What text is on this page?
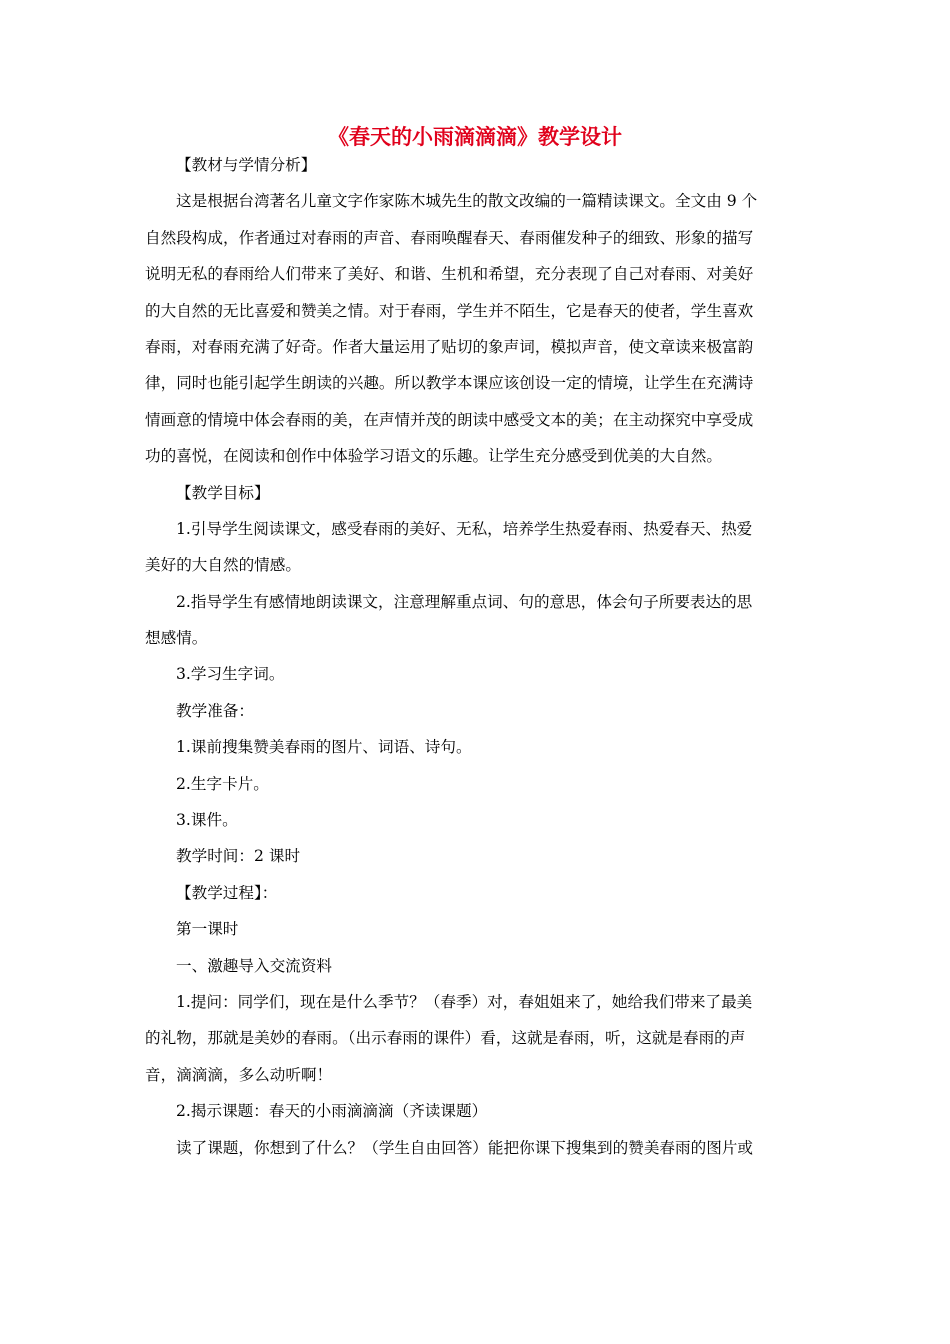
《春天的小雨滴滴滴》教学设计
【教材与学情分析】
这是根据台湾著名儿童文字作家陈木城先生的散文改编的一篇精读课文。全文由 9 个
自然段构成，作者通过对春雨的声音、春雨唤醒春天、春雨催发种子的细致、形象的描写
说明无私的春雨给人们带来了美好、和谐、生机和希望，充分表现了自己对春雨、对美好
的大自然的无比喜爱和赞美之情。对于春雨，学生并不陌生，它是春天的使者，学生喜欢
春雨，对春雨充满了好奇。作者大量运用了贴切的象声词，模拟声音，使文章读来极富韵
律，同时也能引起学生朗读的兴趣。所以教学本课应该创设一定的情境，让学生在充满诗
情画意的情境中体会春雨的美，在声情并茂的朗读中感受文本的美；在主动探究中享受成
功的喜悦，在阅读和创作中体验学习语文的乐趣。让学生充分感受到优美的大自然。
【教学目标】
1.引导学生阅读课文，感受春雨的美好、无私，培养学生热爱春雨、热爱春天、热爱
美好的大自然的情感。
2.指导学生有感情地朗读课文，注意理解重点词、句的意思，体会句子所要表达的思
想感情。
3.学习生字词。
教学准备：
1.课前搜集赞美春雨的图片、词语、诗句。
2.生字卡片。
3.课件。
教学时间：2 课时
【教学过程】：
第一课时
一、激趣导入交流资料
1.提问：同学们，现在是什么季节？（春季）对，春姐姐来了，她给我们带来了最美
的礼物，那就是美妙的春雨。（出示春雨的课件）看，这就是春雨，听，这就是春雨的声
音，滴滴滴，多么动听啊！
2.揭示课题：春天的小雨滴滴滴（齐读课题）
读了课题，你想到了什么？（学生自由回答）能把你课下搜集到的赞美春雨的图片或
